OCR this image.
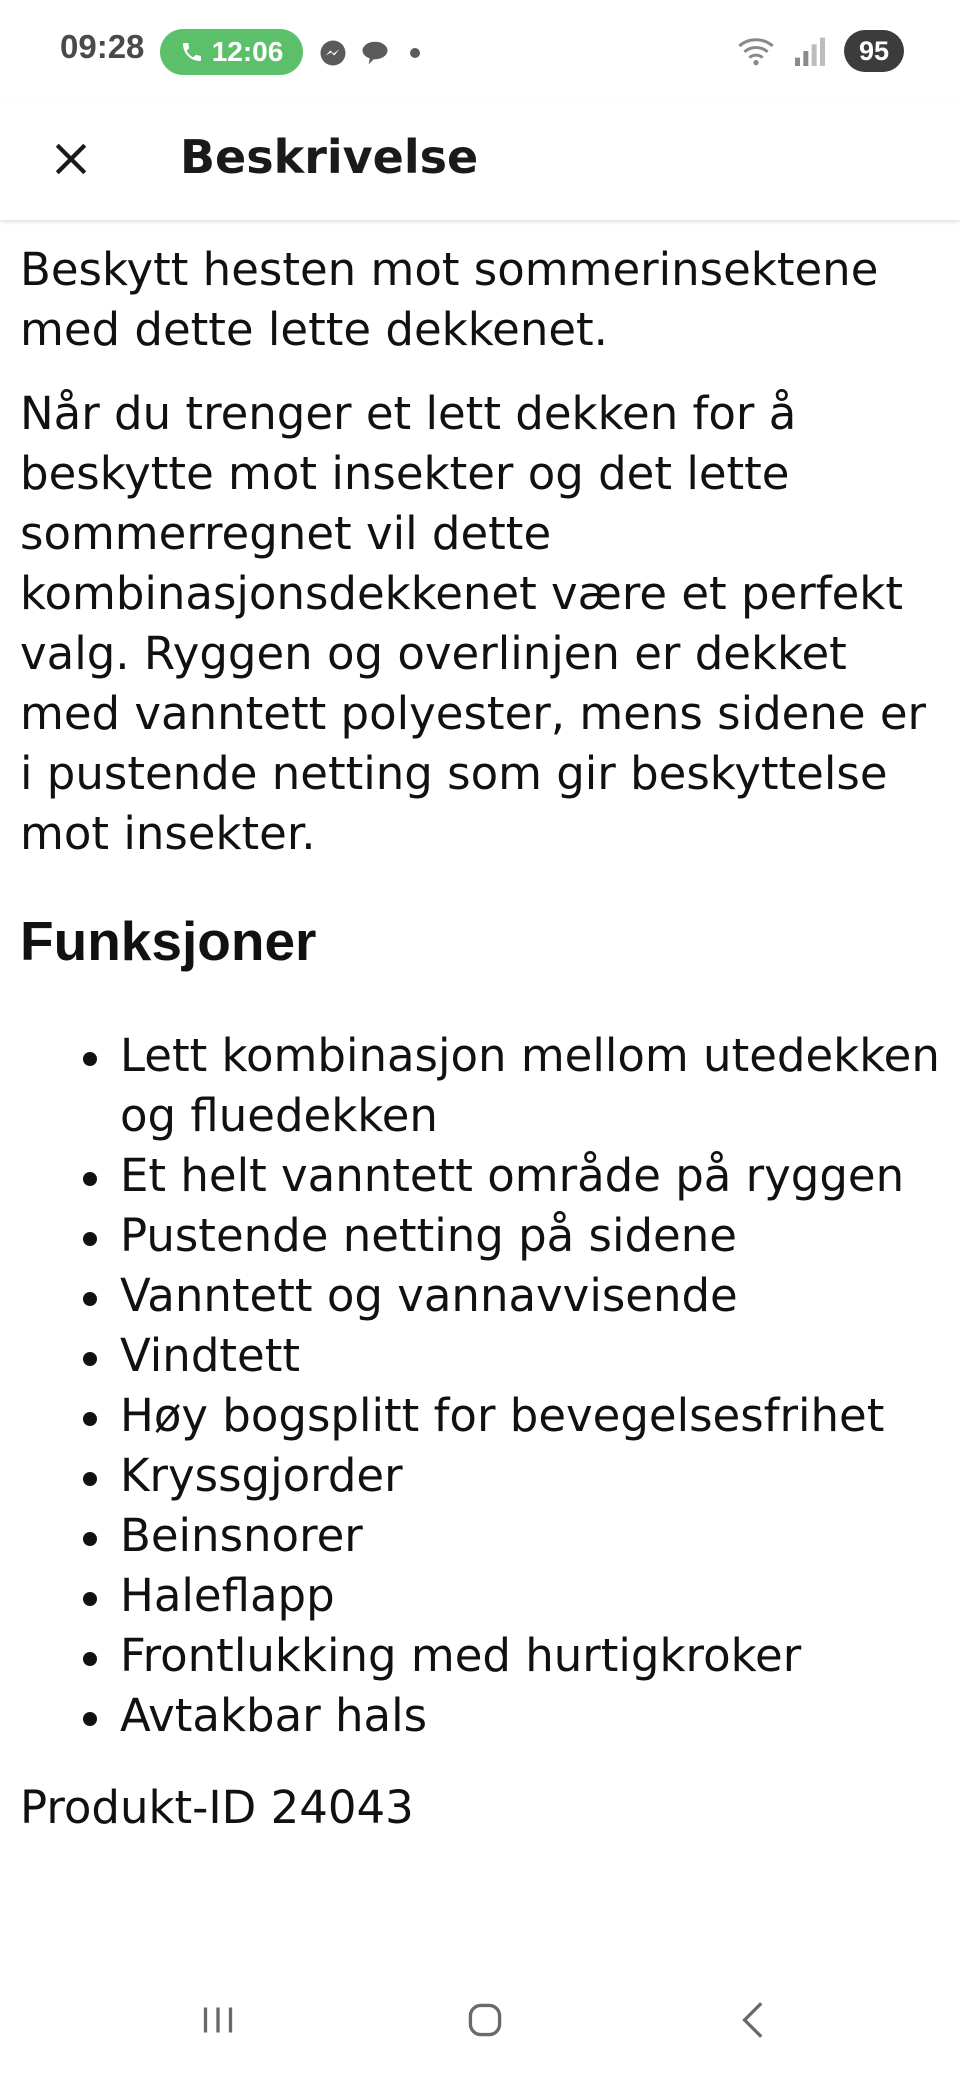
09:28 12:06	95
Beskrivelse

Beskytt hesten mot sommerinsektene med dette lette dekkenet.

Når du trenger et lett dekken for å beskytte mot insekter og det lette sommerregnet vil dette kombinasjonsdekkenet være et perfekt valg. Ryggen og overlinjen er dekket med vanntett polyester, mens sidene er i pustende netting som gir beskyttelse mot insekter.

Funksjoner
Lett kombinasjon mellom utedekken og fluedekken
Et helt vanntett område på ryggen
Pustende netting på sidene
Vanntett og vannavvisende
Vindtett
Høy bogsplitt for bevegelsesfrihet
Kryssgjorder
Beinsnorer
Haleflapp
Frontlukking med hurtigkroker
Avtakbar hals

Produkt-ID 24043
